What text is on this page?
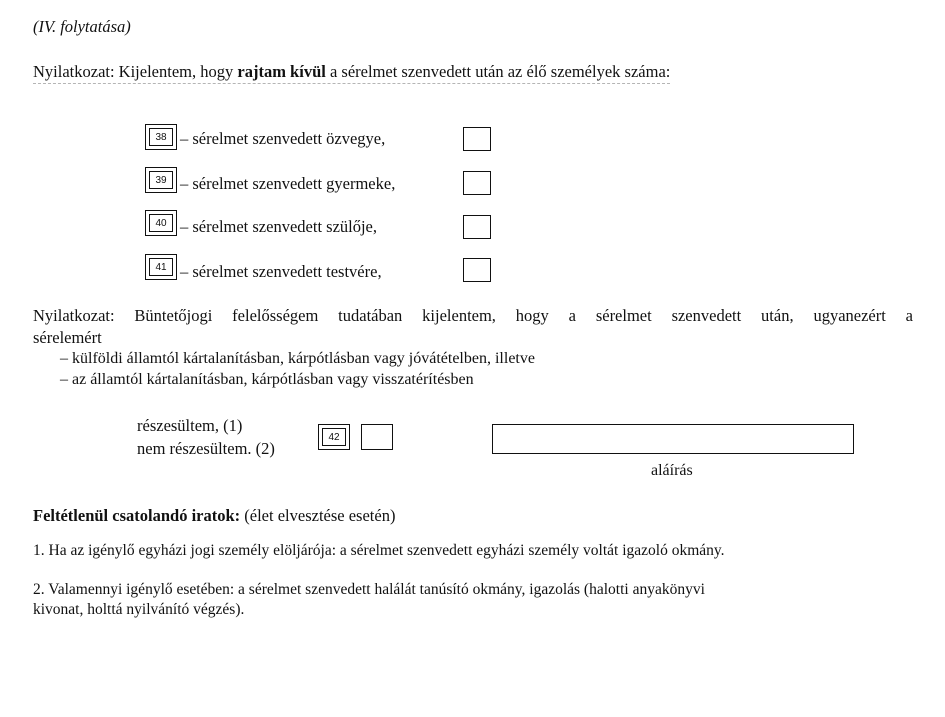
(IV. folytatása)
Nyilatkozat: Kijelentem, hogy rajtam kívül a sérelmet szenvedett után az élő személyek száma:
38 – sérelmet szenvedett özvegye,
39 – sérelmet szenvedett gyermeke,
40 – sérelmet szenvedett szülője,
41 – sérelmet szenvedett testvére,
Nyilatkozat: Büntetőjogi felelősségem tudatában kijelentem, hogy a sérelmet szenvedett után, ugyanezért a
sérelemért
– külföldi államtól kártalanításban, kárpótlásban vagy jóvátételben, illetve
– az államtól kártalanításban, kárpótlásban vagy visszatérítésben
részesültem, (1)
nem részesültem. (2)
42
aláírás
Feltétlenül csatolandó iratok: (élet elvesztése esetén)
1. Ha az igénylő egyházi jogi személy elöljárója: a sérelmet szenvedett egyházi személy voltát igazoló okmány.
2. Valamennyi igénylő esetében: a sérelmet szenvedett halálát tanúsító okmány, igazolás (halotti anyakönyvi
kivonat, holttá nyilvánító végzés).
